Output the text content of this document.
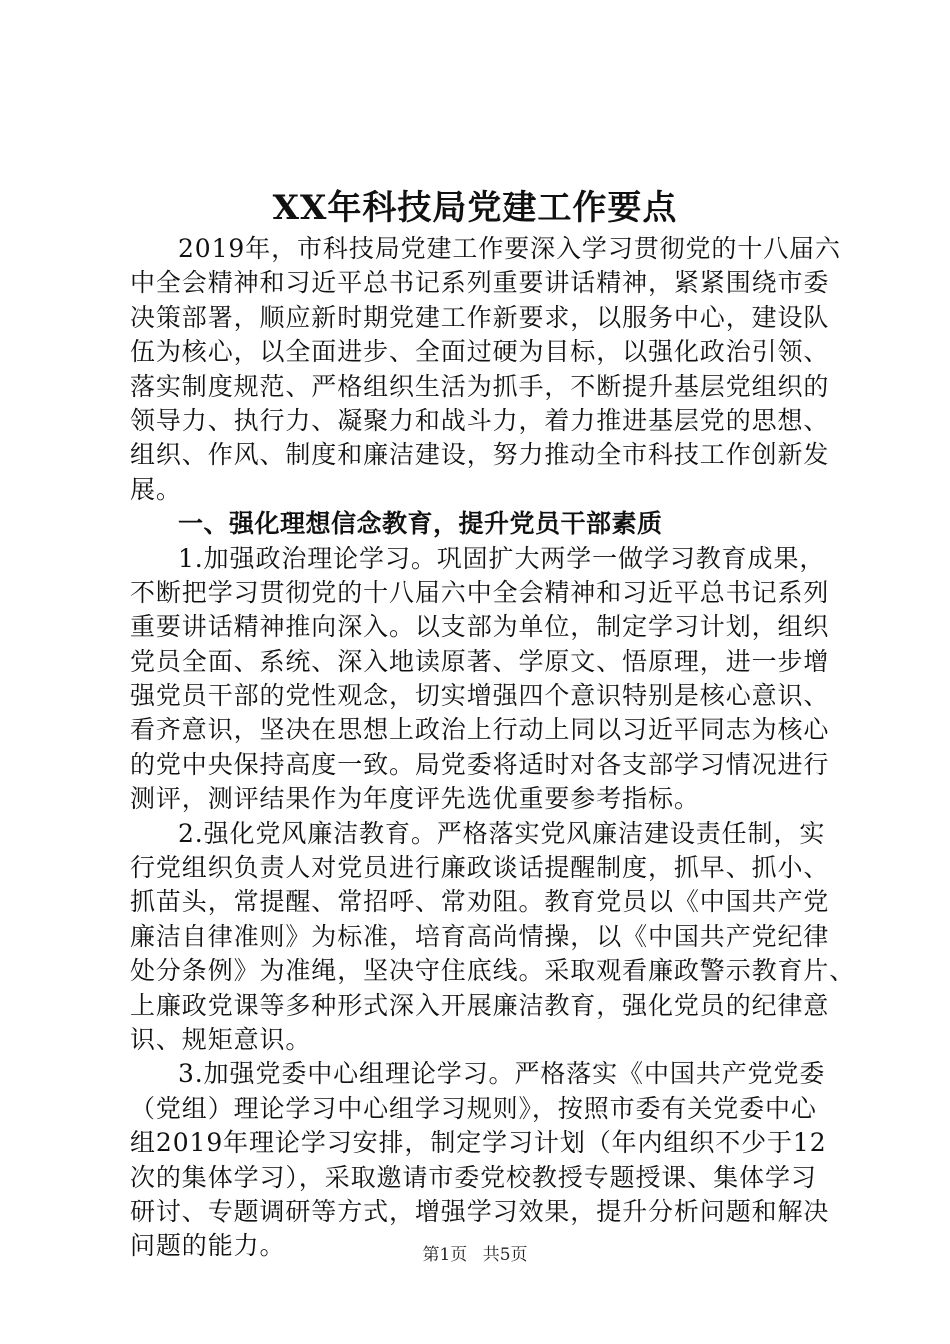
XX年科技局党建工作要点
2019年，市科技局党建工作要深入学习贯彻党的十八届六
中全会精神和习近平总书记系列重要讲话精神，紧紧围绕市委
决策部署，顺应新时期党建工作新要求，以服务中心，建设队
伍为核心，以全面进步、全面过硬为目标，以强化政治引领、
落实制度规范、严格组织生活为抓手，不断提升基层党组织的
领导力、执行力、凝聚力和战斗力，着力推进基层党的思想、
组织、作风、制度和廉洁建设，努力推动全市科技工作创新发
展。
一、强化理想信念教育，提升党员干部素质
1.加强政治理论学习。巩固扩大两学一做学习教育成果，
不断把学习贯彻党的十八届六中全会精神和习近平总书记系列
重要讲话精神推向深入。以支部为单位，制定学习计划，组织
党员全面、系统、深入地读原著、学原文、悟原理，进一步增
强党员干部的党性观念，切实增强四个意识特别是核心意识、
看齐意识，坚决在思想上政治上行动上同以习近平同志为核心
的党中央保持高度一致。局党委将适时对各支部学习情况进行
测评，测评结果作为年度评先选优重要参考指标。
2.强化党风廉洁教育。严格落实党风廉洁建设责任制，实
行党组织负责人对党员进行廉政谈话提醒制度，抓早、抓小、
抓苗头，常提醒、常招呼、常劝阻。教育党员以《中国共产党
廉洁自律准则》为标准，培育高尚情操，以《中国共产党纪律
处分条例》为准绳，坚决守住底线。采取观看廉政警示教育片、
上廉政党课等多种形式深入开展廉洁教育，强化党员的纪律意
识、规矩意识。
3.加强党委中心组理论学习。严格落实《中国共产党党委
（党组）理论学习中心组学习规则》，按照市委有关党委中心
组2019年理论学习安排，制定学习计划（年内组织不少于12
次的集体学习），采取邀请市委党校教授专题授课、集体学习
研讨、专题调研等方式，增强学习效果，提升分析问题和解决
问题的能力。	第1页 共5页
